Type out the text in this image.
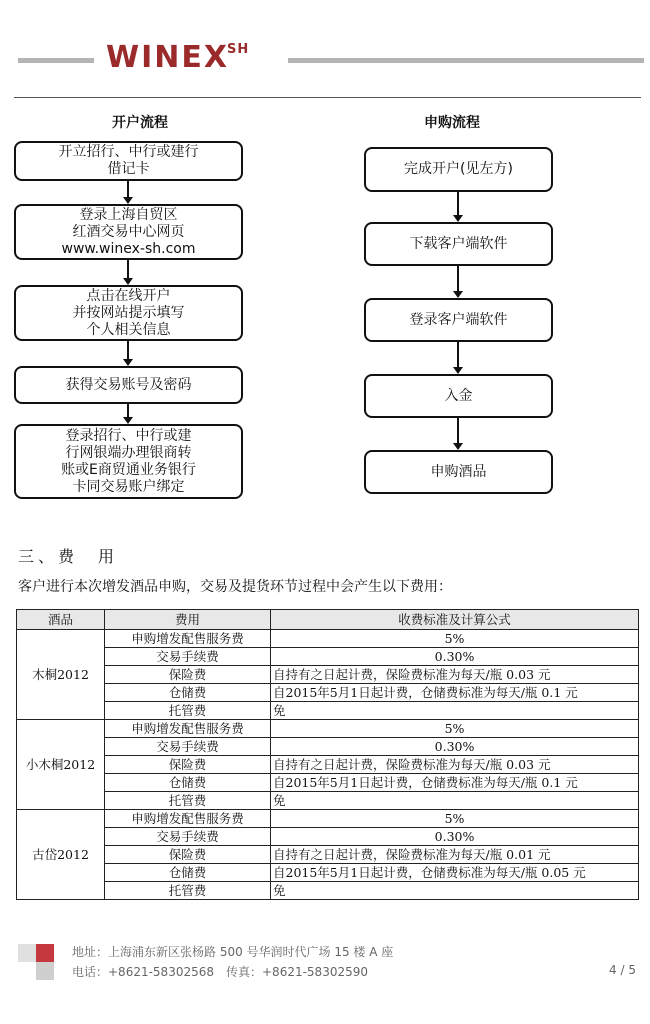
$WINEX^{SH}$
开户流程	申购流程
开立招行、中行或建行
借记卡
登录上海自贸区
红酒交易中心网页
www.winex-sh.com
点击在线开户
并按网站提示填写
个人相关信息
获得交易账号及密码
登录招行、中行或建
行网银端办理银商转
账或E商贸通业务银行
卡同交易账户绑定
完成开户(见左方)
下载客户端软件
登录客户端软件
入金
申购酒品
三、费　用
客户进行本次增发酒品申购，交易及提货环节过程中会产生以下费用：
酒品	费用	收费标准及计算公式
木桐2012	申购增发配售服务费	5%
	交易手续费	0.30%
	保险费	自持有之日起计费，保险费标准为每天/瓶 0.03 元
	仓储费	自2015年5月1日起计费，仓储费标准为每天/瓶 0.1 元
	托管费	免
小木桐2012	申购增发配售服务费	5%
	交易手续费	0.30%
	保险费	自持有之日起计费，保险费标准为每天/瓶 0.03 元
	仓储费	自2015年5月1日起计费，仓储费标准为每天/瓶 0.1 元
	托管费	免
古岱2012	申购增发配售服务费	5%
	交易手续费	0.30%
	保险费	自持有之日起计费，保险费标准为每天/瓶 0.01 元
	仓储费	自2015年5月1日起计费，仓储费标准为每天/瓶 0.05 元
	托管费	免
地址：上海浦东新区张杨路 500 号华润时代广场 15 楼 A 座
电话：+8621-58302568　传真：+8621-58302590	4 / 5
